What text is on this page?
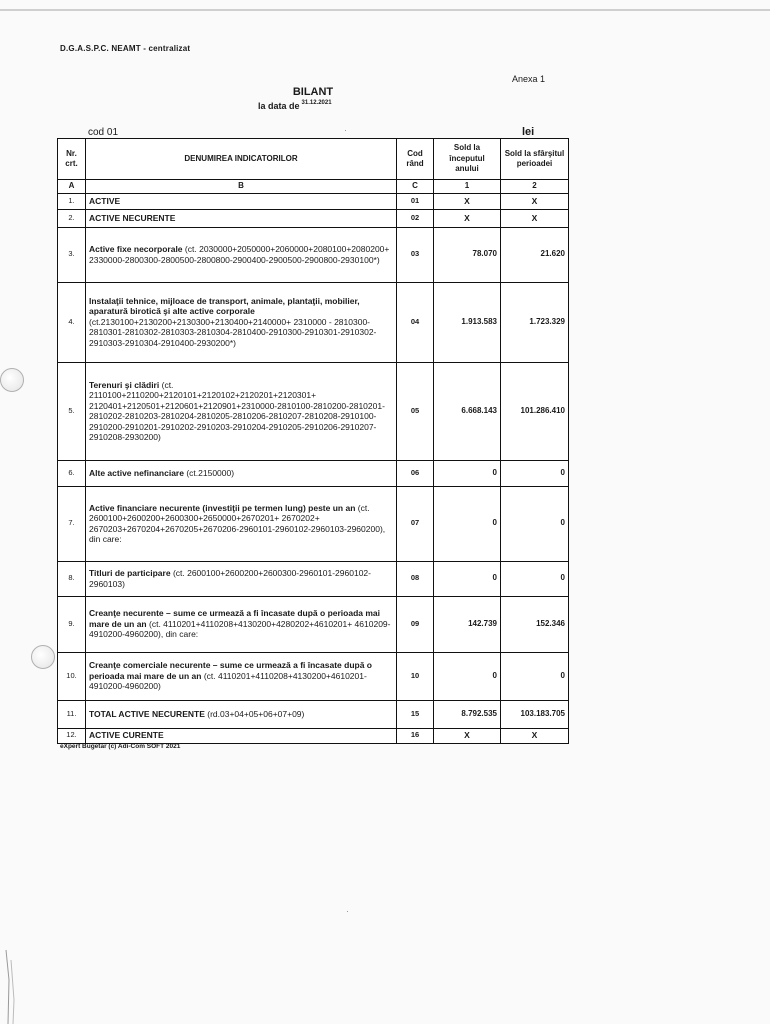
D.G.A.S.P.C. NEAMT - centralizat
Anexa 1
BILANT
la data de $^{31.12.2021}$
cod 01	lei
Nr. crt.	DENUMIREA INDICATORILOR	Cod rând	Sold la începutul anului	Sold la sfârşitul perioadei
A	B	C	1	2
1.	ACTIVE	01	X	X
2.	ACTIVE NECURENTE	02	X	X
3.	Active fixe necorporale (ct. 2030000+2050000+2060000+2080100+2080200+ 2330000-2800300-2800500-2800800-2900400-2900500-2900800-2930100*)	03	78.070	21.620
4.	Instalaţii tehnice, mijloace de transport, animale, plantaţii, mobilier, aparatură birotică şi alte active corporale (ct.2130100+2130200+2130300+2130400+2140000+ 2310000 - 2810300-2810301-2810302-2810303-2810304-2810400-2910300-2910301-2910302-2910303-2910304-2910400-2930200*)	04	1.913.583	1.723.329
5.	Terenuri şi clădiri (ct. 2110100+2110200+2120101+2120102+2120201+2120301+ 2120401+2120501+2120601+2120901+2310000-2810100-2810200-2810201-2810202-2810203-2810204-2810205-2810206-2810207-2810208-2910100-2910200-2910201-2910202-2910203-2910204-2910205-2910206-2910207-2910208-2930200)	05	6.668.143	101.286.410
6.	Alte active nefinanciare (ct.2150000)	06	0	0
7.	Active financiare necurente (investiţii pe termen lung) peste un an (ct. 2600100+2600200+2600300+2650000+2670201+ 2670202+ 2670203+2670204+2670205+2670206-2960101-2960102-2960103-2960200), din care:	07	0	0
8.	Titluri de participare (ct. 2600100+2600200+2600300-2960101-2960102-2960103)	08	0	0
9.	Creanţe necurente – sume ce urmează a fi încasate după o perioada mai mare de un an (ct. 4110201+4110208+4130200+4280202+4610201+ 4610209-4910200-4960200), din care:	09	142.739	152.346
10.	Creanţe comerciale necurente – sume ce urmează a fi încasate după o perioada mai mare de un an (ct. 4110201+4110208+4130200+4610201-4910200-4960200)	10	0	0
11.	TOTAL ACTIVE NECURENTE (rd.03+04+05+06+07+09)	15	8.792.535	103.183.705
12.	ACTIVE CURENTE	16	X	X
eXpert Bugetar (c) Adi-Com SOFT 2021
